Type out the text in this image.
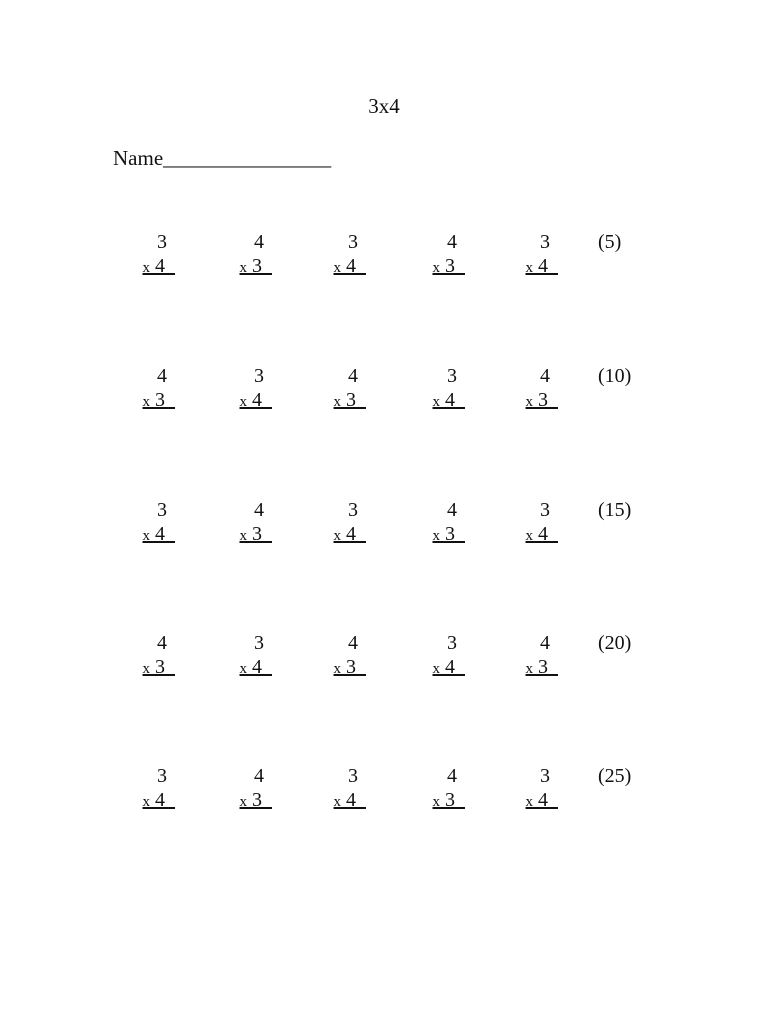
3x4
Name________________
3
x 4
4
x 3
3
x 4
4
x 3
3
x 4
(5)
4
x 3
3
x 4
4
x 3
3
x 4
4
x 3
(10)
3
x 4
4
x 3
3
x 4
4
x 3
3
x 4
(15)
4
x 3
3
x 4
4
x 3
3
x 4
4
x 3
(20)
3
x 4
4
x 3
3
x 4
4
x 3
3
x 4
(25)
